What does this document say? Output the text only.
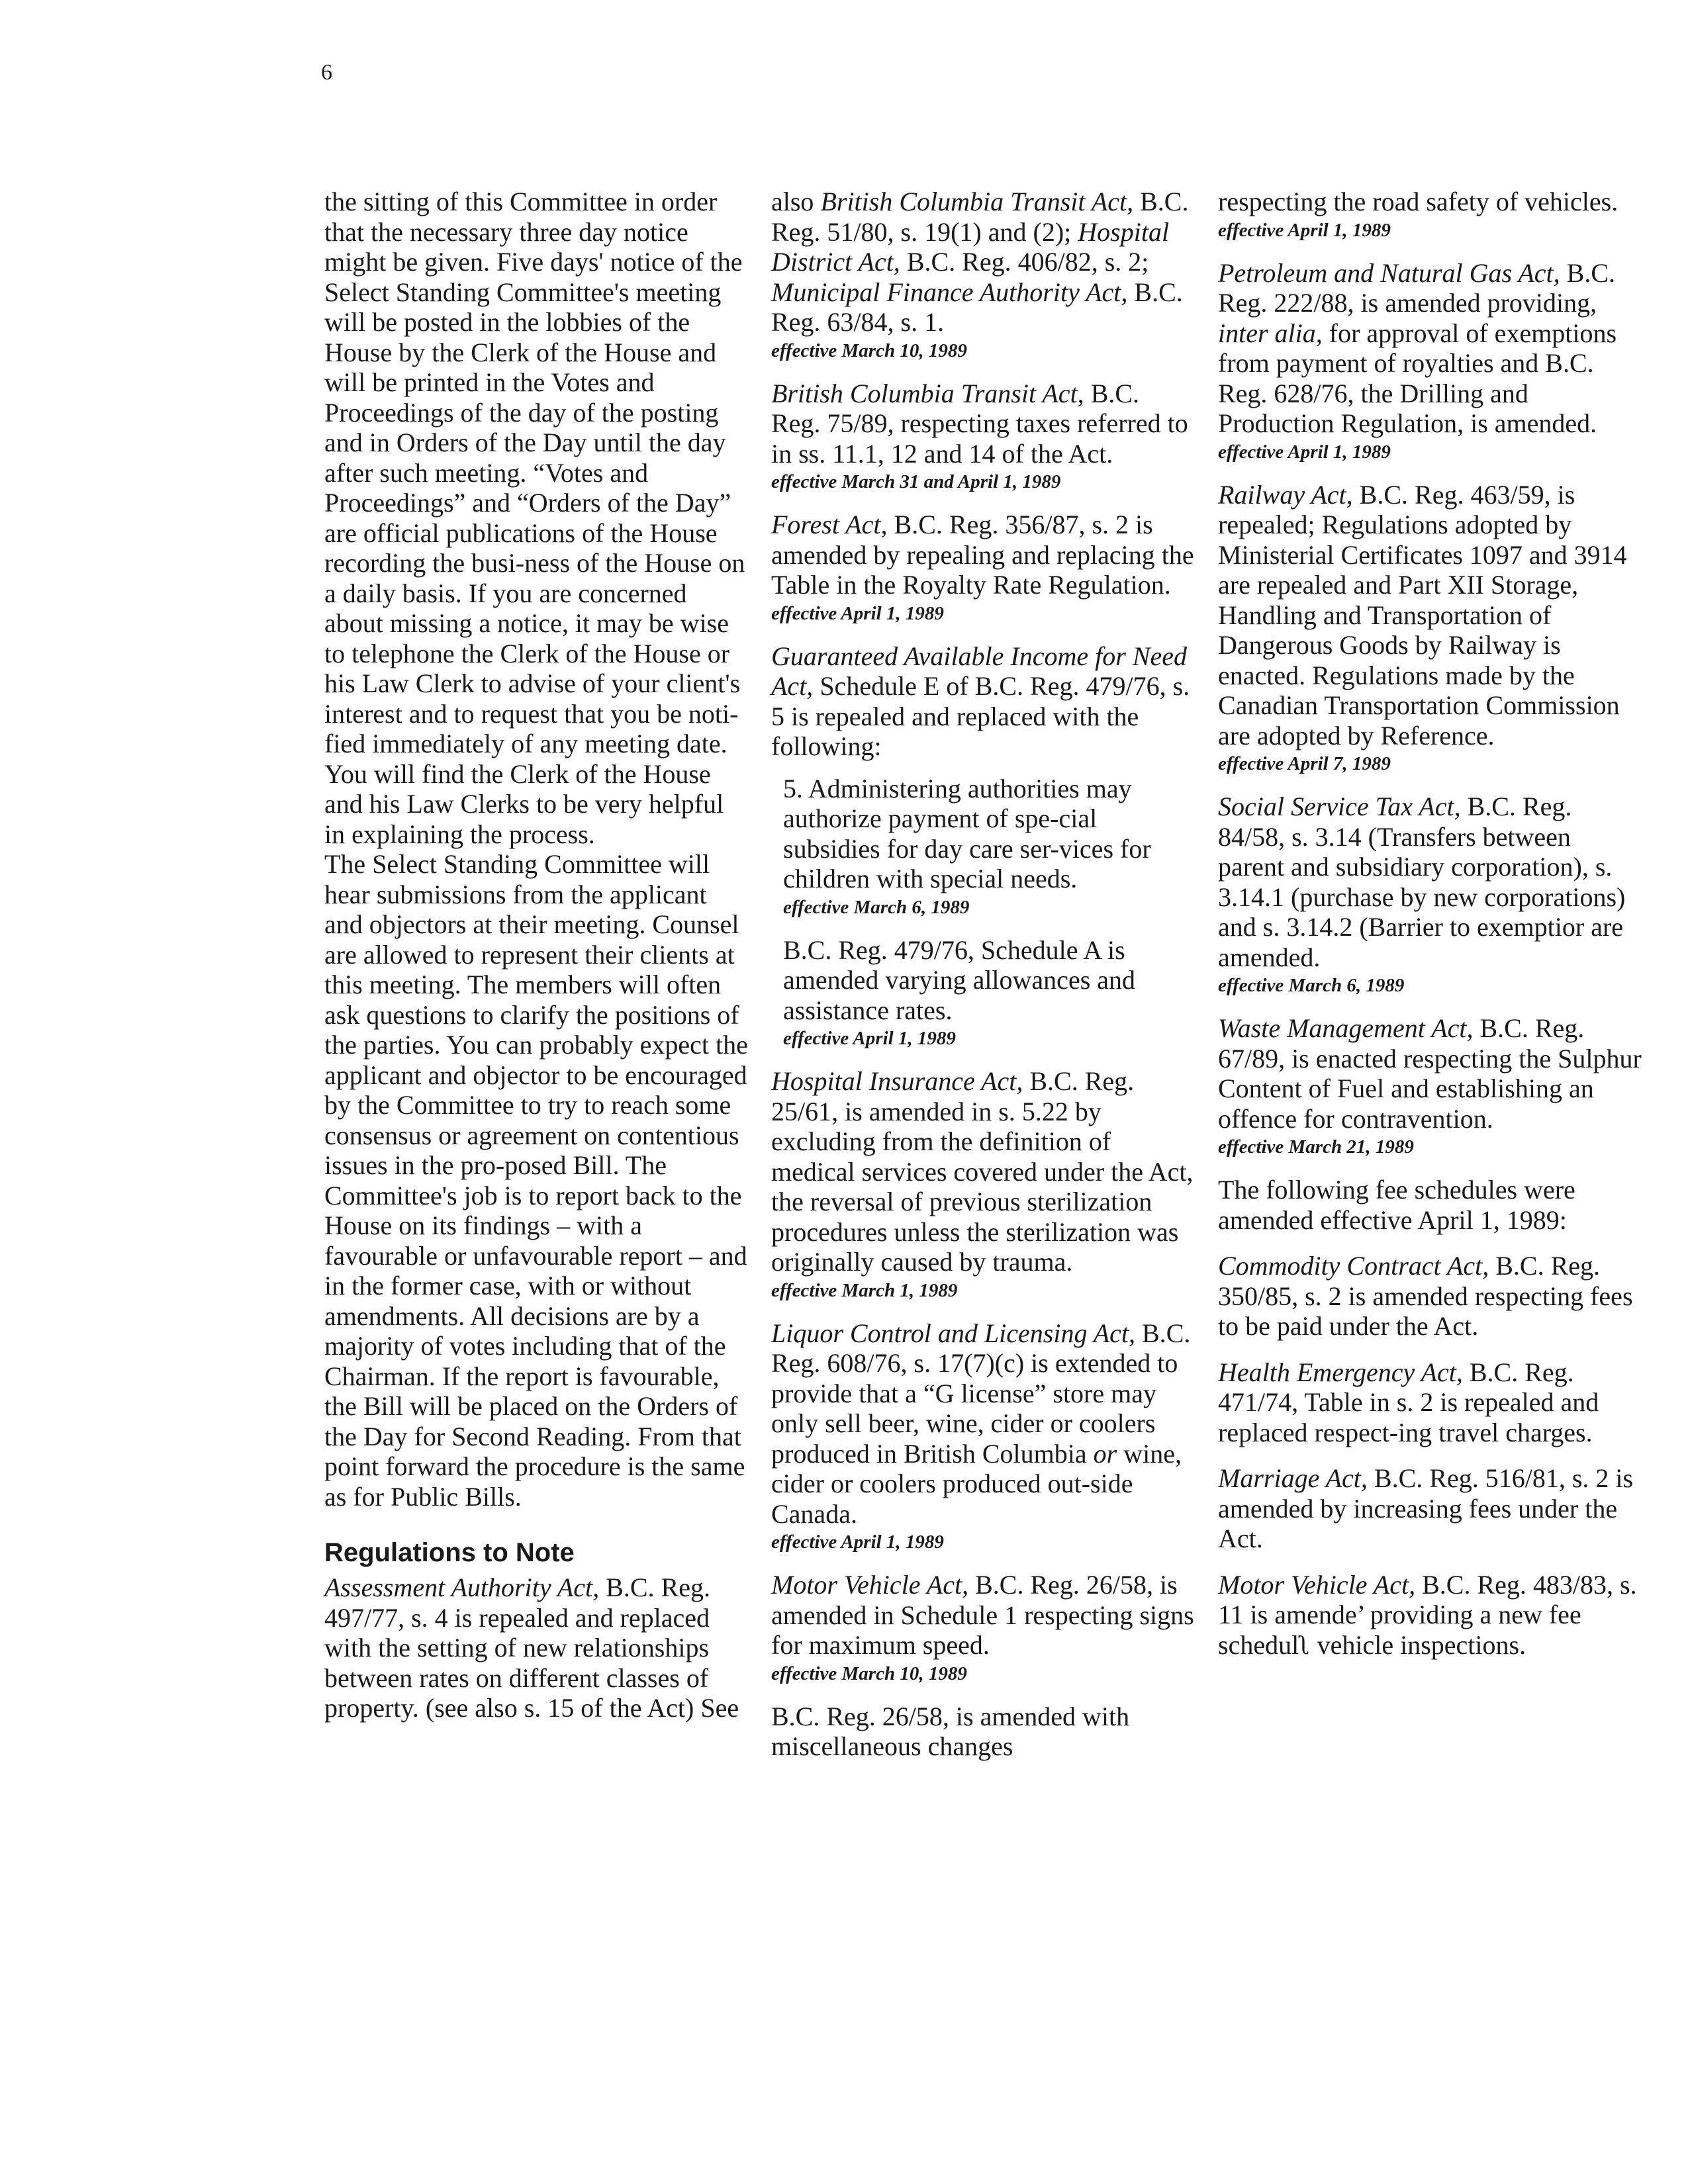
6

the sitting of this Committee in order that the necessary three day notice might be given. Five days' notice of the Select Standing Committee's meeting will be posted in the lobbies of the House by the Clerk of the House and will be printed in the Votes and Proceedings of the day of the posting and in Orders of the Day until the day after such meeting. “Votes and Proceedings” and “Orders of the Day” are official publications of the House recording the busi-ness of the House on a daily basis. If you are concerned about missing a notice, it may be wise to telephone the Clerk of the House or his Law Clerk to advise of your client's interest and to request that you be noti-fied immediately of any meeting date. You will find the Clerk of the House and his Law Clerks to be very helpful in explaining the process.

The Select Standing Committee will hear submissions from the applicant and objectors at their meeting. Counsel are allowed to represent their clients at this meeting. The members will often ask questions to clarify the positions of the parties. You can probably expect the applicant and objector to be encouraged by the Committee to try to reach some consensus or agreement on contentious issues in the pro-posed Bill. The Committee's job is to report back to the House on its findings – with a favourable or unfavourable report – and in the former case, with or without amendments. All decisions are by a majority of votes including that of the Chairman. If the report is favourable, the Bill will be placed on the Orders of the Day for Second Reading. From that point forward the procedure is the same as for Public Bills.

Regulations to Note

Assessment Authority Act, B.C. Reg. 497/77, s. 4 is repealed and replaced with the setting of new relationships between rates on different classes of property. (see also s. 15 of the Act) See

also British Columbia Transit Act, B.C. Reg. 51/80, s. 19(1) and (2); Hospital District Act, B.C. Reg. 406/82, s. 2; Municipal Finance Authority Act, B.C. Reg. 63/84, s. 1.
effective March 10, 1989
British Columbia Transit Act, B.C. Reg. 75/89, respecting taxes referred to in ss. 11.1, 12 and 14 of the Act.
effective March 31 and April 1, 1989
Forest Act, B.C. Reg. 356/87, s. 2 is amended by repealing and replacing the Table in the Royalty Rate Regulation.
effective April 1, 1989
Guaranteed Available Income for Need Act, Schedule E of B.C. Reg. 479/76, s. 5 is repealed and replaced with the following:
5. Administering authorities may authorize payment of spe-cial subsidies for day care ser-vices for children with special needs.
effective March 6, 1989
B.C. Reg. 479/76, Schedule A is amended varying allowances and assistance rates.
effective April 1, 1989
Hospital Insurance Act, B.C. Reg. 25/61, is amended in s. 5.22 by excluding from the definition of medical services covered under the Act, the reversal of previous sterilization procedures unless the sterilization was originally caused by trauma.
effective March 1, 1989
Liquor Control and Licensing Act, B.C. Reg. 608/76, s. 17(7)(c) is extended to provide that a “G license” store may only sell beer, wine, cider or coolers produced in British Columbia or wine, cider or coolers produced out-side Canada.
effective April 1, 1989
Motor Vehicle Act, B.C. Reg. 26/58, is amended in Schedule 1 respecting signs for maximum speed.
effective March 10, 1989
B.C. Reg. 26/58, is amended with miscellaneous changes
respecting the road safety of vehicles.
effective April 1, 1989
Petroleum and Natural Gas Act, B.C. Reg. 222/88, is amended providing, inter alia, for approval of exemptions from payment of royalties and B.C. Reg. 628/76, the Drilling and Production Regulation, is amended.
effective April 1, 1989
Railway Act, B.C. Reg. 463/59, is repealed; Regulations adopted by Ministerial Certificates 1097 and 3914 are repealed and Part XII Storage, Handling and Transportation of Dangerous Goods by Railway is enacted. Regulations made by the Canadian Transportation Commission are adopted by Reference.
effective April 7, 1989
Social Service Tax Act, B.C. Reg. 84/58, s. 3.14 (Transfers between parent and subsidiary corporation), s. 3.14.1 (purchase by new corporations) and s. 3.14.2 (Barrier to exemptior are amended.
effective March 6, 1989
Waste Management Act, B.C. Reg. 67/89, is enacted respecting the Sulphur Content of Fuel and establishing an offence for contravention.
effective March 21, 1989
The following fee schedules were amended effective April 1, 1989:
Commodity Contract Act, B.C. Reg. 350/85, s. 2 is amended respecting fees to be paid under the Act.
Health Emergency Act, B.C. Reg. 471/74, Table in s. 2 is repealed and replaced respect-ing travel charges.
Marriage Act, B.C. Reg. 516/81, s. 2 is amended by increasing fees under the Act.
Motor Vehicle Act, B.C. Reg. 483/83, s. 11 is amende’ providing a new fee schedulʅ vehicle inspections.
